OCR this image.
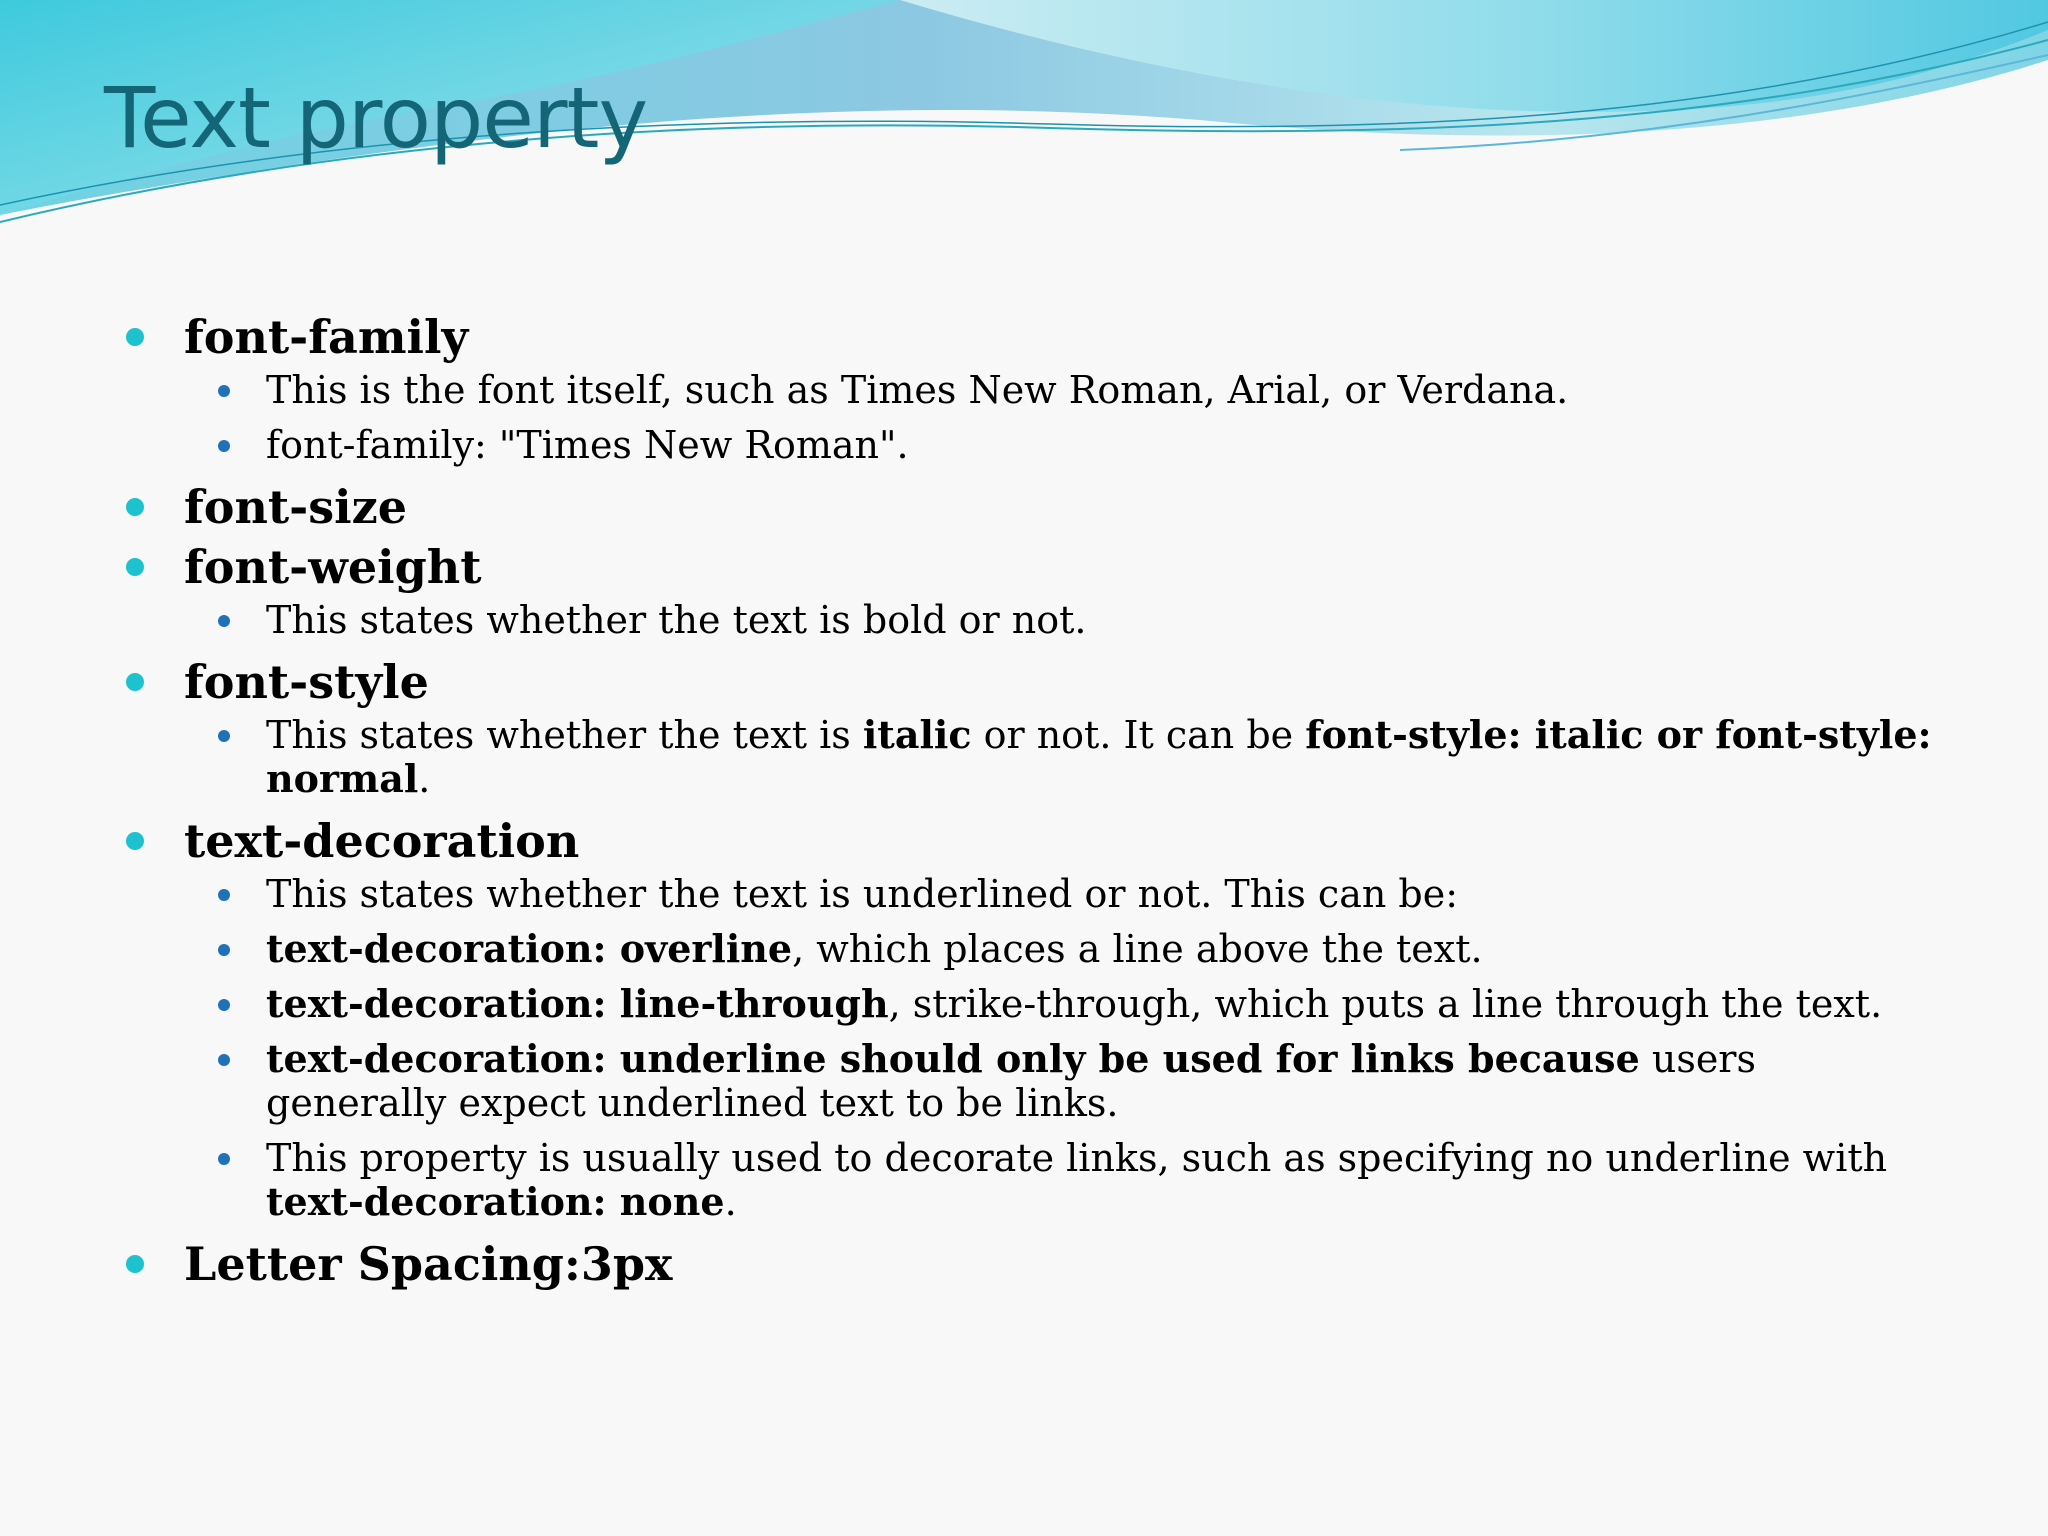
Text property
font-family
This is the font itself, such as Times New Roman, Arial, or Verdana.
font-family: "Times New Roman".
font-size
font-weight
This states whether the text is bold or not.
font-style
This states whether the text is italic or not. It can be font-style: italic or font-style: normal.
text-decoration
This states whether the text is underlined or not. This can be:
text-decoration: overline, which places a line above the text.
text-decoration: line-through, strike-through, which puts a line through the text.
text-decoration: underline should only be used for links because users generally expect underlined text to be links.
This property is usually used to decorate links, such as specifying no underline with text-decoration: none.
Letter Spacing:3px
